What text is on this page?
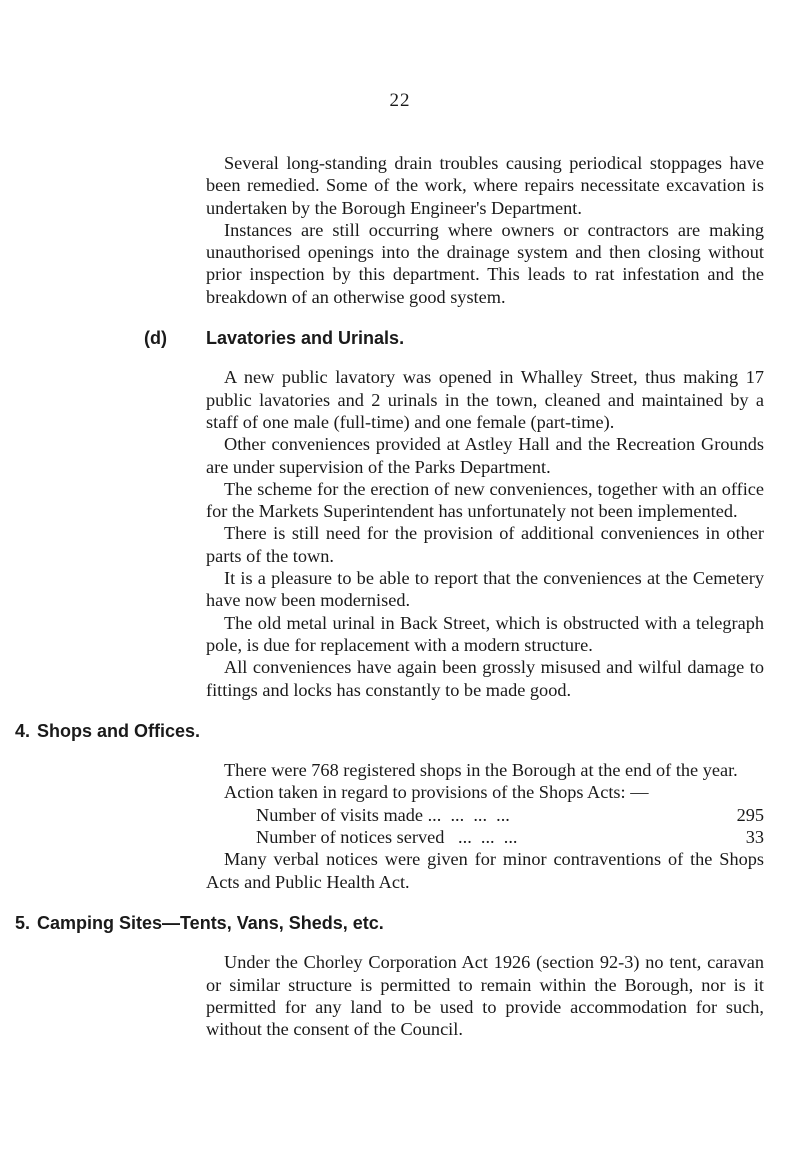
22

Several long-standing drain troubles causing periodical stoppages have been remedied. Some of the work, where repairs necessitate excavation is undertaken by the Borough Engineer's Department.

Instances are still occurring where owners or contractors are making unauthorised openings into the drainage system and then closing without prior inspection by this department. This leads to rat infestation and the breakdown of an otherwise good system.

(d) Lavatories and Urinals.

A new public lavatory was opened in Whalley Street, thus making 17 public lavatories and 2 urinals in the town, cleaned and maintained by a staff of one male (full-time) and one female (part-time).

Other conveniences provided at Astley Hall and the Recreation Grounds are under supervision of the Parks Department.

The scheme for the erection of new conveniences, together with an office for the Markets Superintendent has unfortunately not been implemented.

There is still need for the provision of additional conveniences in other parts of the town.

It is a pleasure to be able to report that the conveniences at the Cemetery have now been modernised.

The old metal urinal in Back Street, which is obstructed with a telegraph pole, is due for replacement with a modern structure.

All conveniences have again been grossly misused and wilful damage to fittings and locks has constantly to be made good.

4. Shops and Offices.

There were 768 registered shops in the Borough at the end of the year.

Action taken in regard to provisions of the Shops Acts: —

Number of visits made ...  ...  ...  ...	295
Number of notices served   ...  ...  ...	33

Many verbal notices were given for minor contraventions of the Shops Acts and Public Health Act.

5. Camping Sites—Tents, Vans, Sheds, etc.

Under the Chorley Corporation Act 1926 (section 92-3) no tent, caravan or similar structure is permitted to remain within the Borough, nor is it permitted for any land to be used to provide accommodation for such, without the consent of the Council.
